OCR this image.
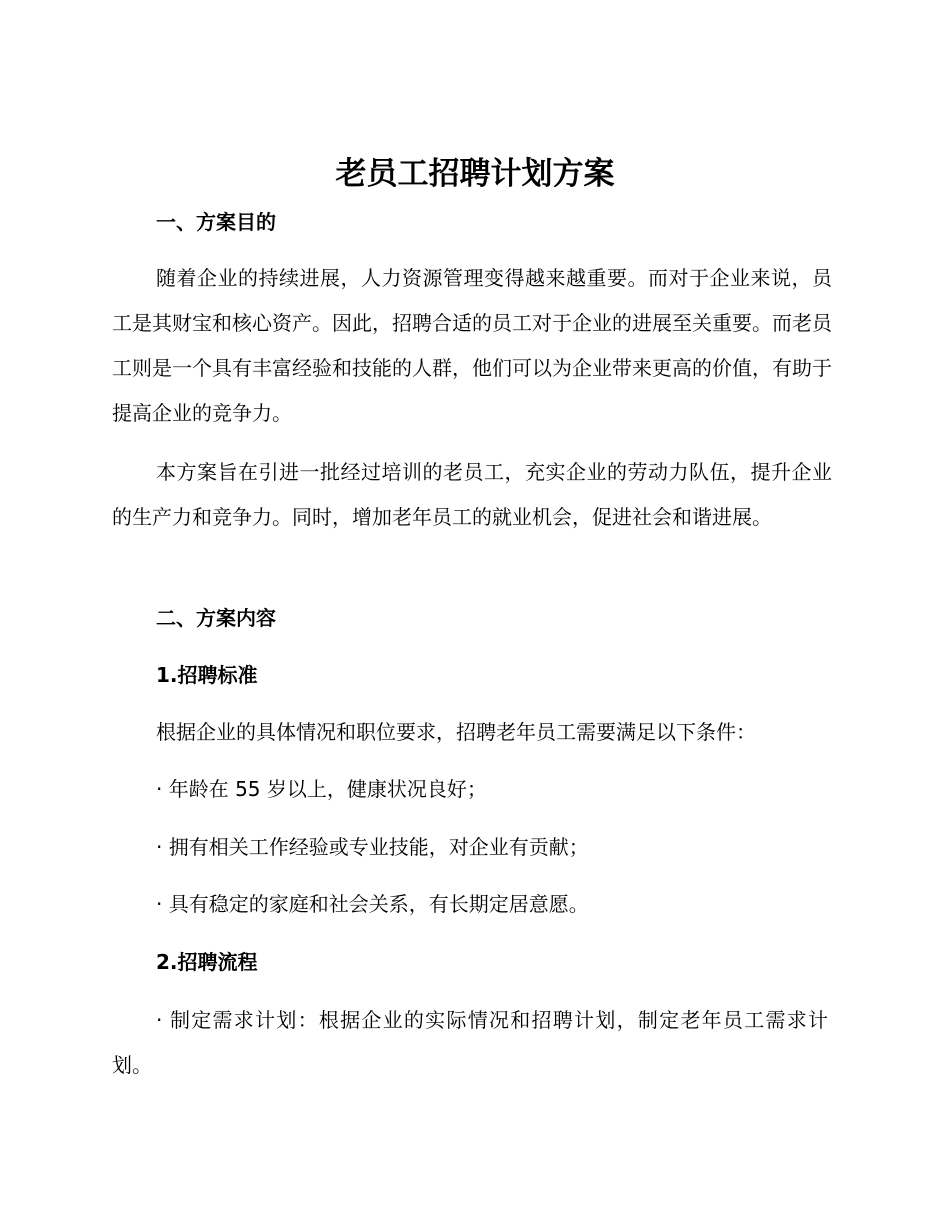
老员工招聘计划方案
一、方案目的

随着企业的持续进展，人力资源管理变得越来越重要。而对于企业来说，员工是其财宝和核心资产。因此，招聘合适的员工对于企业的进展至关重要。而老员工则是一个具有丰富经验和技能的人群，他们可以为企业带来更高的价值，有助于提高企业的竞争力。

本方案旨在引进一批经过培训的老员工，充实企业的劳动力队伍，提升企业的生产力和竞争力。同时，增加老年员工的就业机会，促进社会和谐进展。

二、方案内容
1.招聘标准
根据企业的具体情况和职位要求，招聘老年员工需要满足以下条件：
· 年龄在 55 岁以上，健康状况良好；
· 拥有相关工作经验或专业技能，对企业有贡献；
· 具有稳定的家庭和社会关系，有长期定居意愿。
2.招聘流程

· 制定需求计划：根据企业的实际情况和招聘计划，制定老年员工需求计划。
